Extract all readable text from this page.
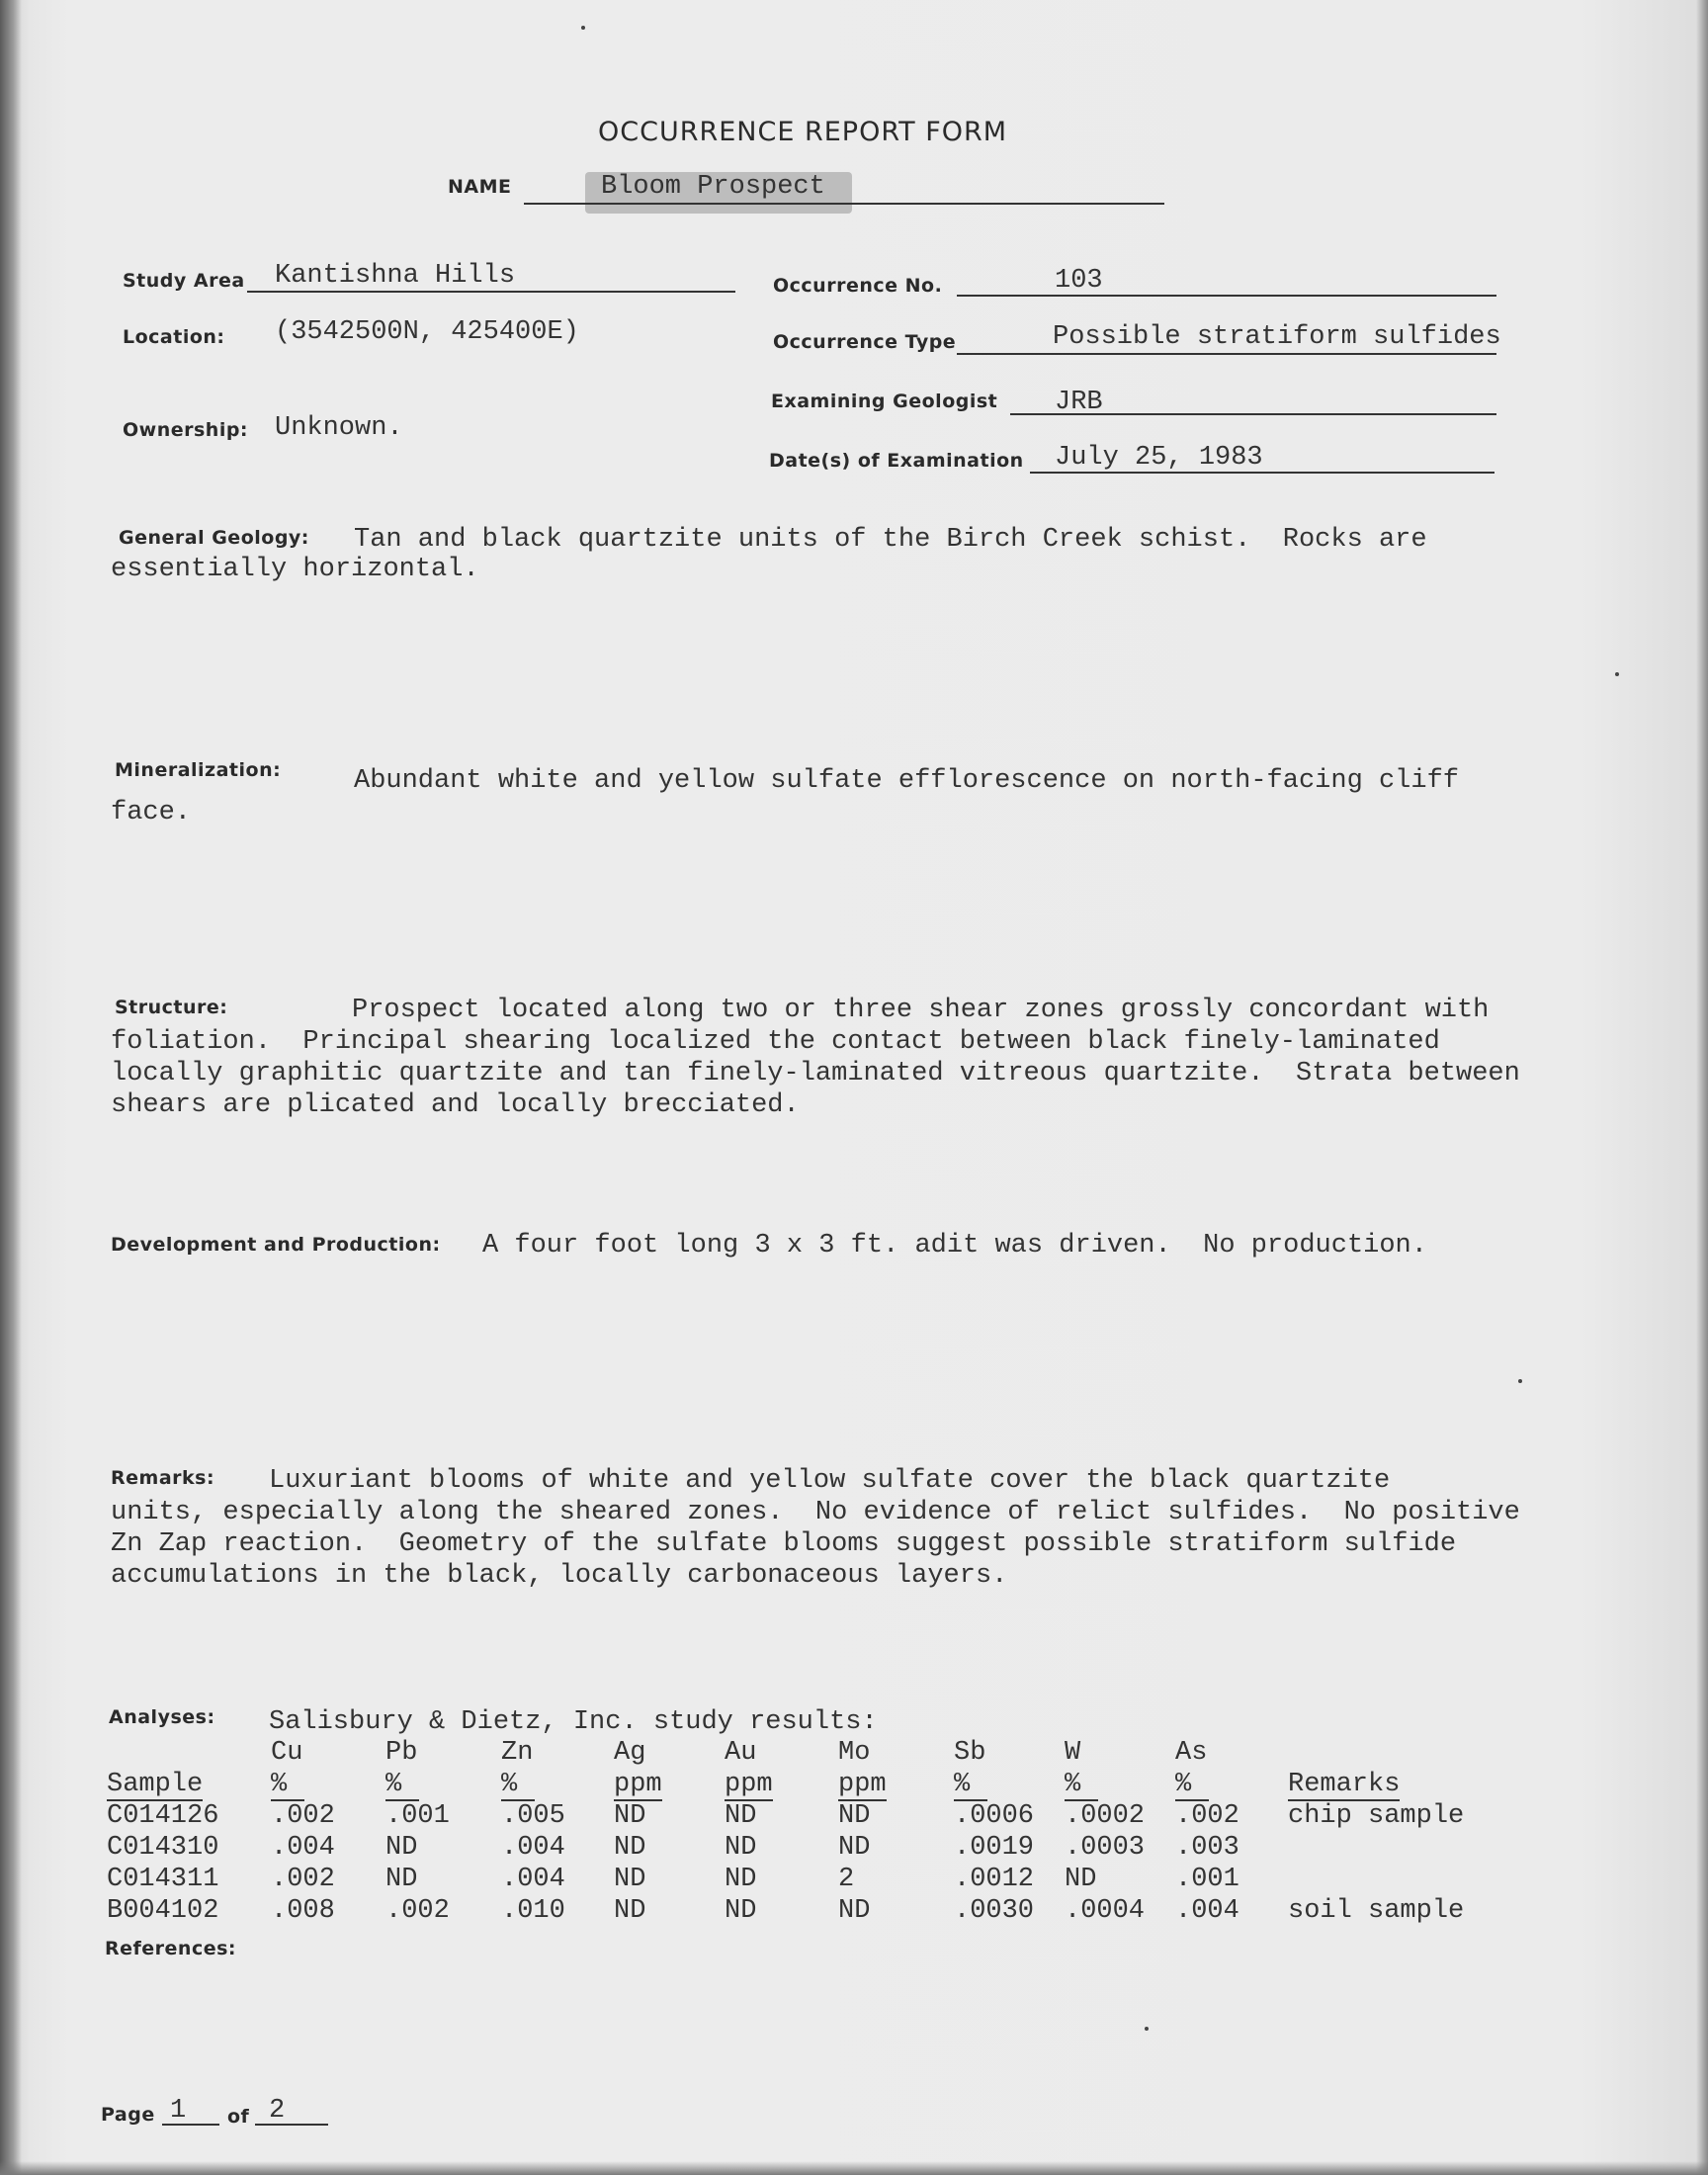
OCCURRENCE REPORT FORM
NAME	Bloom Prospect
Study Area Kantishna Hills	Occurrence No.	103
Location: (3542500N, 425400E)	Occurrence Type	Possible stratiform sulfides
Examining Geologist JRB
Ownership: Unknown.
Date(s) of Examination July 25, 1983
General Geology: Tan and black quartzite units of the Birch Creek schist.  Rocks are
essentially horizontal.
Mineralization:	Abundant white and yellow sulfate efflorescence on north-facing cliff
face.
Structure:	Prospect located along two or three shear zones grossly concordant with
foliation.  Principal shearing localized the contact between black finely-laminated
locally graphitic quartzite and tan finely-laminated vitreous quartzite.  Strata between
shears are plicated and locally brecciated.
Development and Production: A four foot long 3 x 3 ft. adit was driven.  No production.
Remarks: Luxuriant blooms of white and yellow sulfate cover the black quartzite
units, especially along the sheared zones.  No evidence of relict sulfides.  No positive
Zn Zap reaction.  Geometry of the sulfate blooms suggest possible stratiform sulfide
accumulations in the black, locally carbonaceous layers.
Analyses: Salisbury & Dietz, Inc. study results:
	Cu	Pb	Zn	Ag	Au	Mo	Sb	W	As	
Sample	%	%	%	ppm	ppm	ppm	%	%	%	Remarks
C014126	.002	.001	.005	ND	ND	ND	.0006	.0002	.002	chip sample
C014310	.004	ND	.004	ND	ND	ND	.0019	.0003	.003	
C014311	.002	ND	.004	ND	ND	2	.0012	ND	.001	
B004102	.008	.002	.010	ND	ND	ND	.0030	.0004	.004	soil sample
References:
Page 1 of 2
